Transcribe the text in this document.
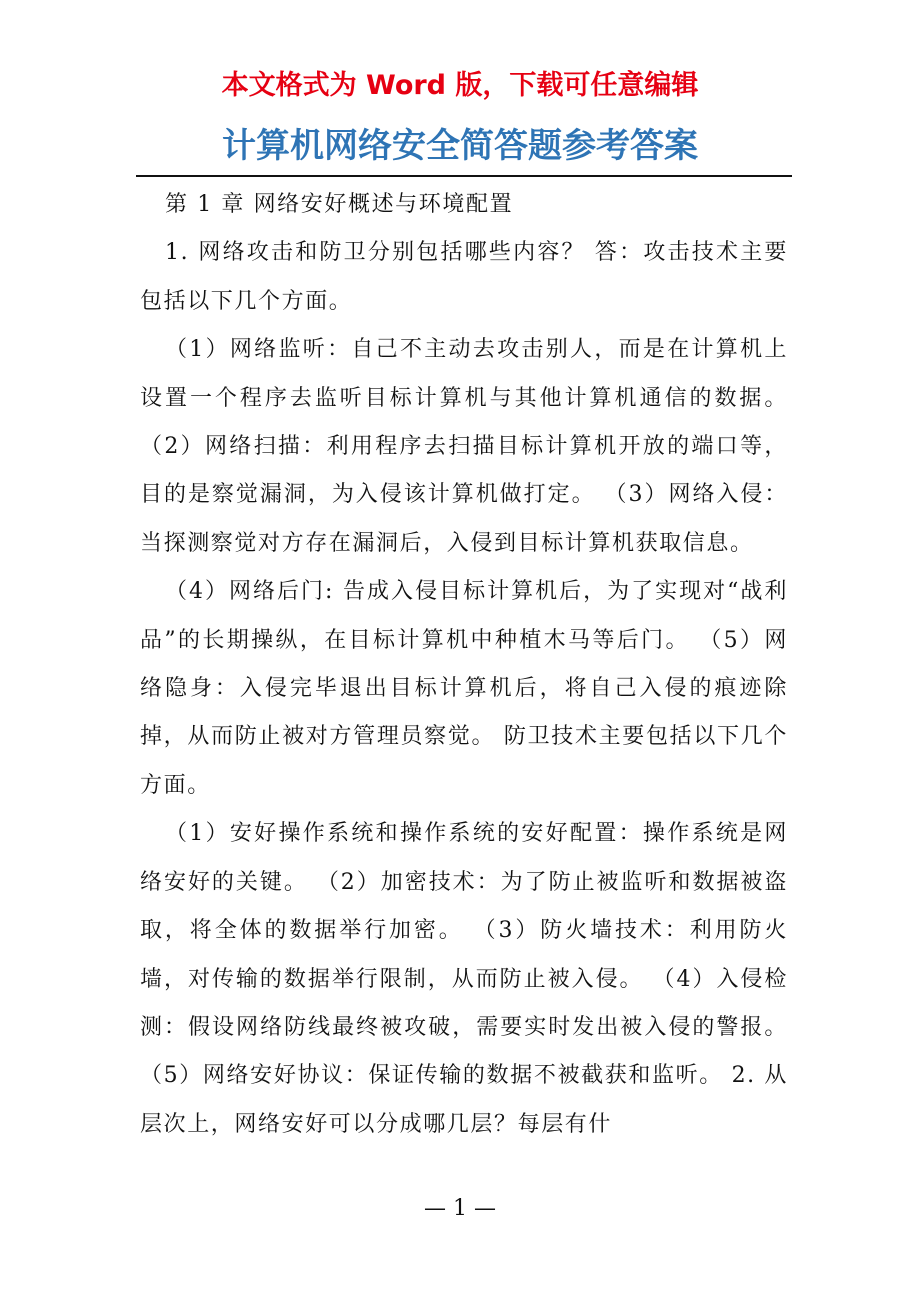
本文格式为 Word 版，下载可任意编辑
计算机网络安全简答题参考答案

第 1 章 网络安好概述与环境配置

1. 网络攻击和防卫分别包括哪些内容？ 答：攻击技术主要包括以下几个方面。

（1）网络监听：自己不主动去攻击别人，而是在计算机上设置一个程序去监听目标计算机与其他计算机通信的数据。 （2）网络扫描：利用程序去扫描目标计算机开放的端口等，目的是察觉漏洞，为入侵该计算机做打定。 （3）网络入侵：当探测察觉对方存在漏洞后，入侵到目标计算机获取信息。

（4）网络后门: 告成入侵目标计算机后，为了实现对“战利品”的长期操纵，在目标计算机中种植木马等后门。 （5）网络隐身：入侵完毕退出目标计算机后，将自己入侵的痕迹除掉，从而防止被对方管理员察觉。 防卫技术主要包括以下几个方面。

（1）安好操作系统和操作系统的安好配置：操作系统是网络安好的关键。 （2）加密技术：为了防止被监听和数据被盗取，将全体的数据举行加密。 （3）防火墙技术：利用防火墙，对传输的数据举行限制，从而防止被入侵。 （4）入侵检测：假设网络防线最终被攻破，需要实时发出被入侵的警报。 （5）网络安好协议：保证传输的数据不被截获和监听。 2. 从层次上，网络安好可以分成哪几层？每层有什

— 1 —
